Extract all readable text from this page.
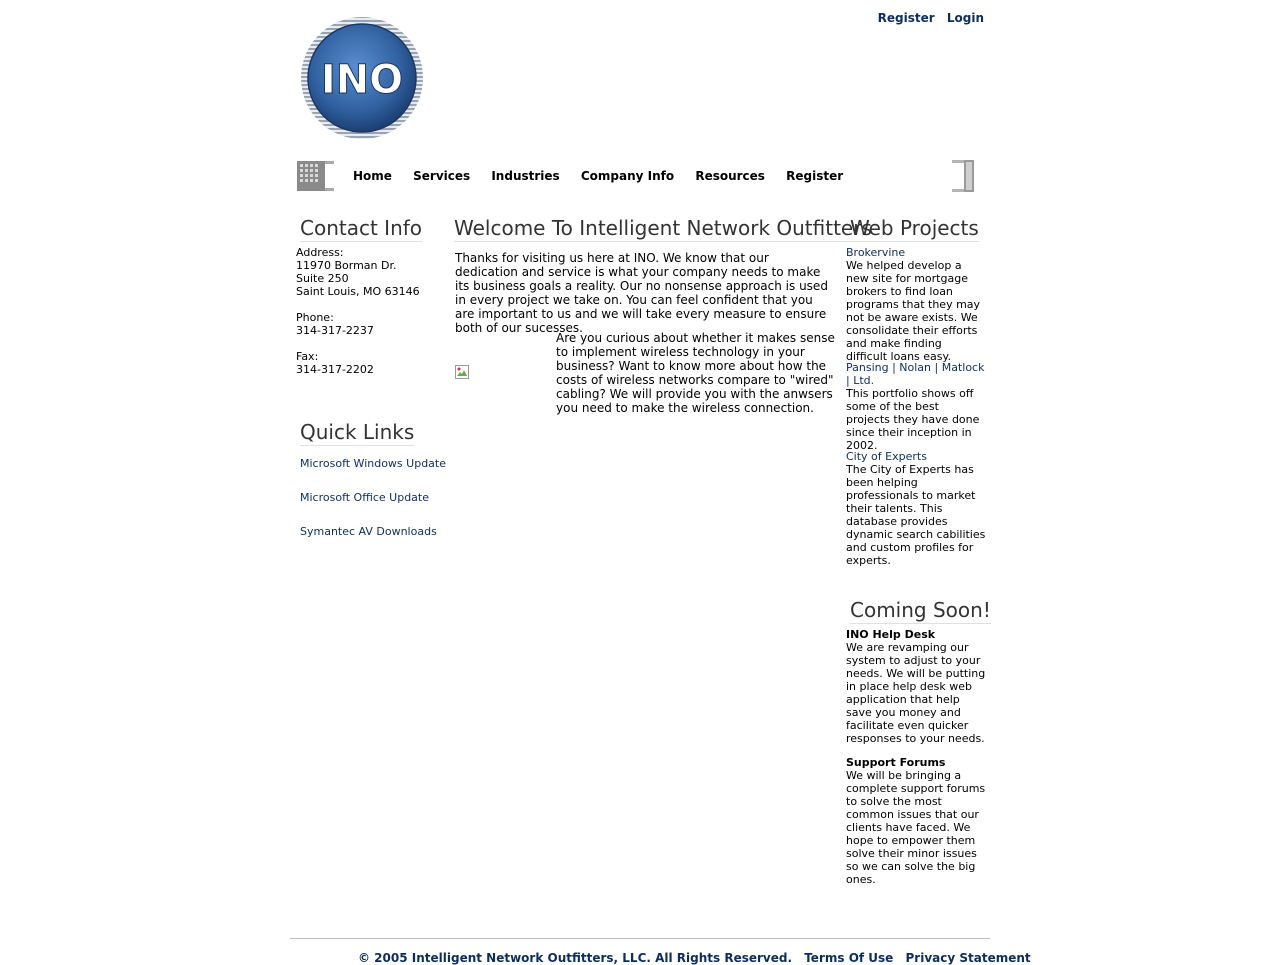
Register Login
INO
Home Services Industries Company Info Resources Register
Contact Info
Address:
11970 Borman Dr.
Suite 250
Saint Louis, MO 63146
Phone:
314-317-2237
Fax:
314-317-2202
Quick Links
Microsoft Windows Update
Microsoft Office Update
Symantec AV Downloads
Welcome To Intelligent Network Outfitters
Thanks for visiting us here at INO. We know that our dedication and service is what your company needs to make its business goals a reality. Our no nonsense approach is used in every project we take on. You can feel confident that you are important to us and we will take every measure to ensure both of our sucesses.
Are you curious about whether it makes sense to implement wireless technology in your business? Want to know more about how the costs of wireless networks compare to "wired" cabling? We will provide you with the anwsers you need to make the wireless connection.
Web Projects
Brokervine
We helped develop a new site for mortgage brokers to find loan programs that they may not be aware exists. We consolidate their efforts and make finding difficult loans easy.
Pansing | Nolan | Matlock | Ltd.
This portfolio shows off some of the best projects they have done since their inception in 2002.
City of Experts
The City of Experts has been helping professionals to market their talents. This database provides dynamic search cabilities and custom profiles for experts.
Coming Soon!
INO Help Desk
We are revamping our system to adjust to your needs. We will be putting in place help desk web application that help save you money and facilitate even quicker responses to your needs.
Support Forums
We will be bringing a complete support forums to solve the most common issues that our clients have faced. We hope to empower them solve their minor issues so we can solve the big ones.
© 2005 Intelligent Network Outfitters, LLC. All Rights Reserved. Terms Of Use Privacy Statement
